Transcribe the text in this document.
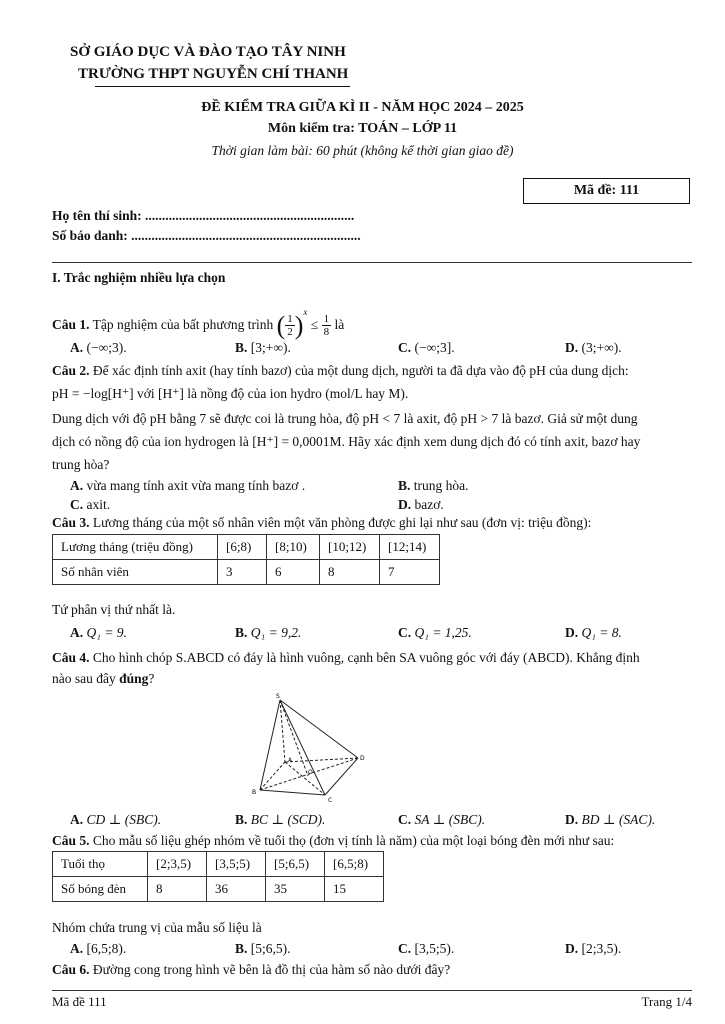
SỞ GIÁO DỤC VÀ ĐÀO TẠO TÂY NINH
TRƯỜNG THPT NGUYỄN CHÍ THANH
ĐỀ KIỂM TRA GIỮA KÌ II - NĂM HỌC 2024 – 2025
Môn kiểm tra: TOÁN – LỚP 11
Thời gian làm bài: 60 phút (không kể thời gian giao đề)
Mã đề: 111
Họ tên thí sinh: ..............................................................
Số báo danh: ....................................................................
I. Trắc nghiệm nhiều lựa chọn
Câu 1. Tập nghiệm của bất phương trình ( $\frac{1}{2} )^x \le \frac{1}{8}$ là
A. (−∞;3).	B. [3;+∞).	C. (−∞;3].	D. (3;+∞).
Câu 2. Để xác định tính axit (hay tính bazơ) của một dung dịch, người ta đã dựa vào độ pH của dung dịch:
pH = −log[H⁺] với [H⁺] là nồng độ của ion hydro (mol/L hay M).
Dung dịch với độ pH bằng 7 sẽ được coi là trung hòa, độ pH < 7 là axit, độ pH > 7 là bazơ. Giả sử một dung
dịch có nồng độ của ion hydrogen là [H⁺] = 0,0001M. Hãy xác định xem dung dịch đó có tính axit, bazơ hay
trung hòa?
A. vừa mang tính axit vừa mang tính bazơ .	B. trung hòa.
C. axit.	D. bazơ.
Câu 3. Lương tháng của một số nhân viên một văn phòng được ghi lại như sau (đơn vị: triệu đồng):
Lương tháng (triệu đồng)	[6;8)	[8;10)	[10;12)	[12;14)
Số nhân viên	3	6	8	7
Tứ phân vị thứ nhất là.
A. Q₁ = 9.	B. Q₁ = 9,2.	C. Q₁ = 1,25.	D. Q₁ = 8.
Câu 4. Cho hình chóp S.ABCD có đáy là hình vuông, cạnh bên SA vuông góc với đáy (ABCD). Khẳng định
nào sau đây đúng?
S
A
B
C
D
O
A. CD ⊥ (SBC).	B. BC ⊥ (SCD).	C. SA ⊥ (SBC).	D. BD ⊥ (SAC).
Câu 5. Cho mẫu số liệu ghép nhóm về tuổi thọ (đơn vị tính là năm) của một loại bóng đèn mới như sau:
Tuổi thọ	[2;3,5)	[3,5;5)	[5;6,5)	[6,5;8)
Số bóng đèn	8	36	35	15
Nhóm chứa trung vị của mẫu số liệu là
A. [6,5;8).	B. [5;6,5).	C. [3,5;5).	D. [2;3,5).
Câu 6. Đường cong trong hình vẽ bên là đồ thị của hàm số nào dưới đây?
Mã đề 111	Trang 1/4
